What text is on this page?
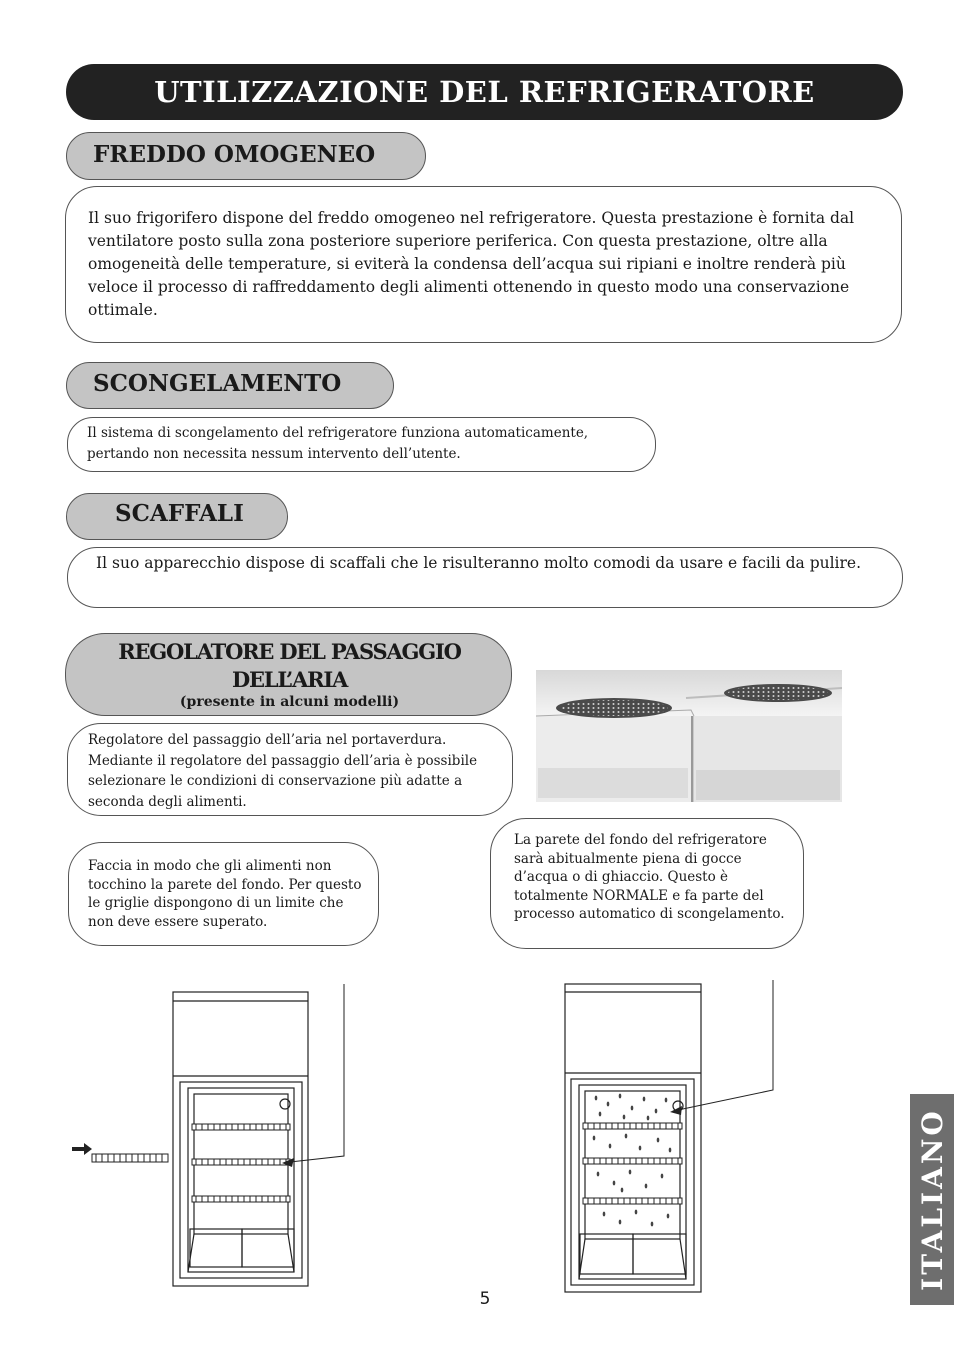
UTILIZZAZIONE DEL REFRIGERATORE
Il suo frigorifero dispone del freddo omogeneo nel refrigeratore. Questa prestazione è fornita dal ventilatore posto sulla zona posteriore superiore periferica. Con questa prestazione, oltre alla omogeneità delle temperature, si eviterà la condensa dell’acqua sui ripiani e inoltre renderà più veloce il processo di raffreddamento degli alimenti ottenendo in questo modo una conservazione ottimale.
FREDDO OMOGENEO
SCONGELAMENTO
Il sistema di scongelamento del refrigeratore funziona automaticamente, pertando non necessita nessum intervento dell’utente.
SCAFFALI
Il suo apparecchio dispose di scaffali che le risulteranno molto comodi da usare e facili da pulire.
REGOLATORE DEL PASSAGGIO
DELL’ARIA
(presente in alcuni modelli)
Regolatore del passaggio dell’aria nel portaverdura. Mediante il regolatore del passaggio dell’aria è possibile selezionare le condizioni di conservazione più adatte a seconda degli alimenti.
Faccia in modo che gli alimenti non tocchino la parete del fondo. Per questo le griglie dispongono di un limite che non deve essere superato.
La parete del fondo del refrigeratore sarà abitualmente piena di gocce d’acqua o di ghiaccio. Questo è totalmente NORMALE e fa parte del processo automatico di scongelamento.
5
ITALIANO
